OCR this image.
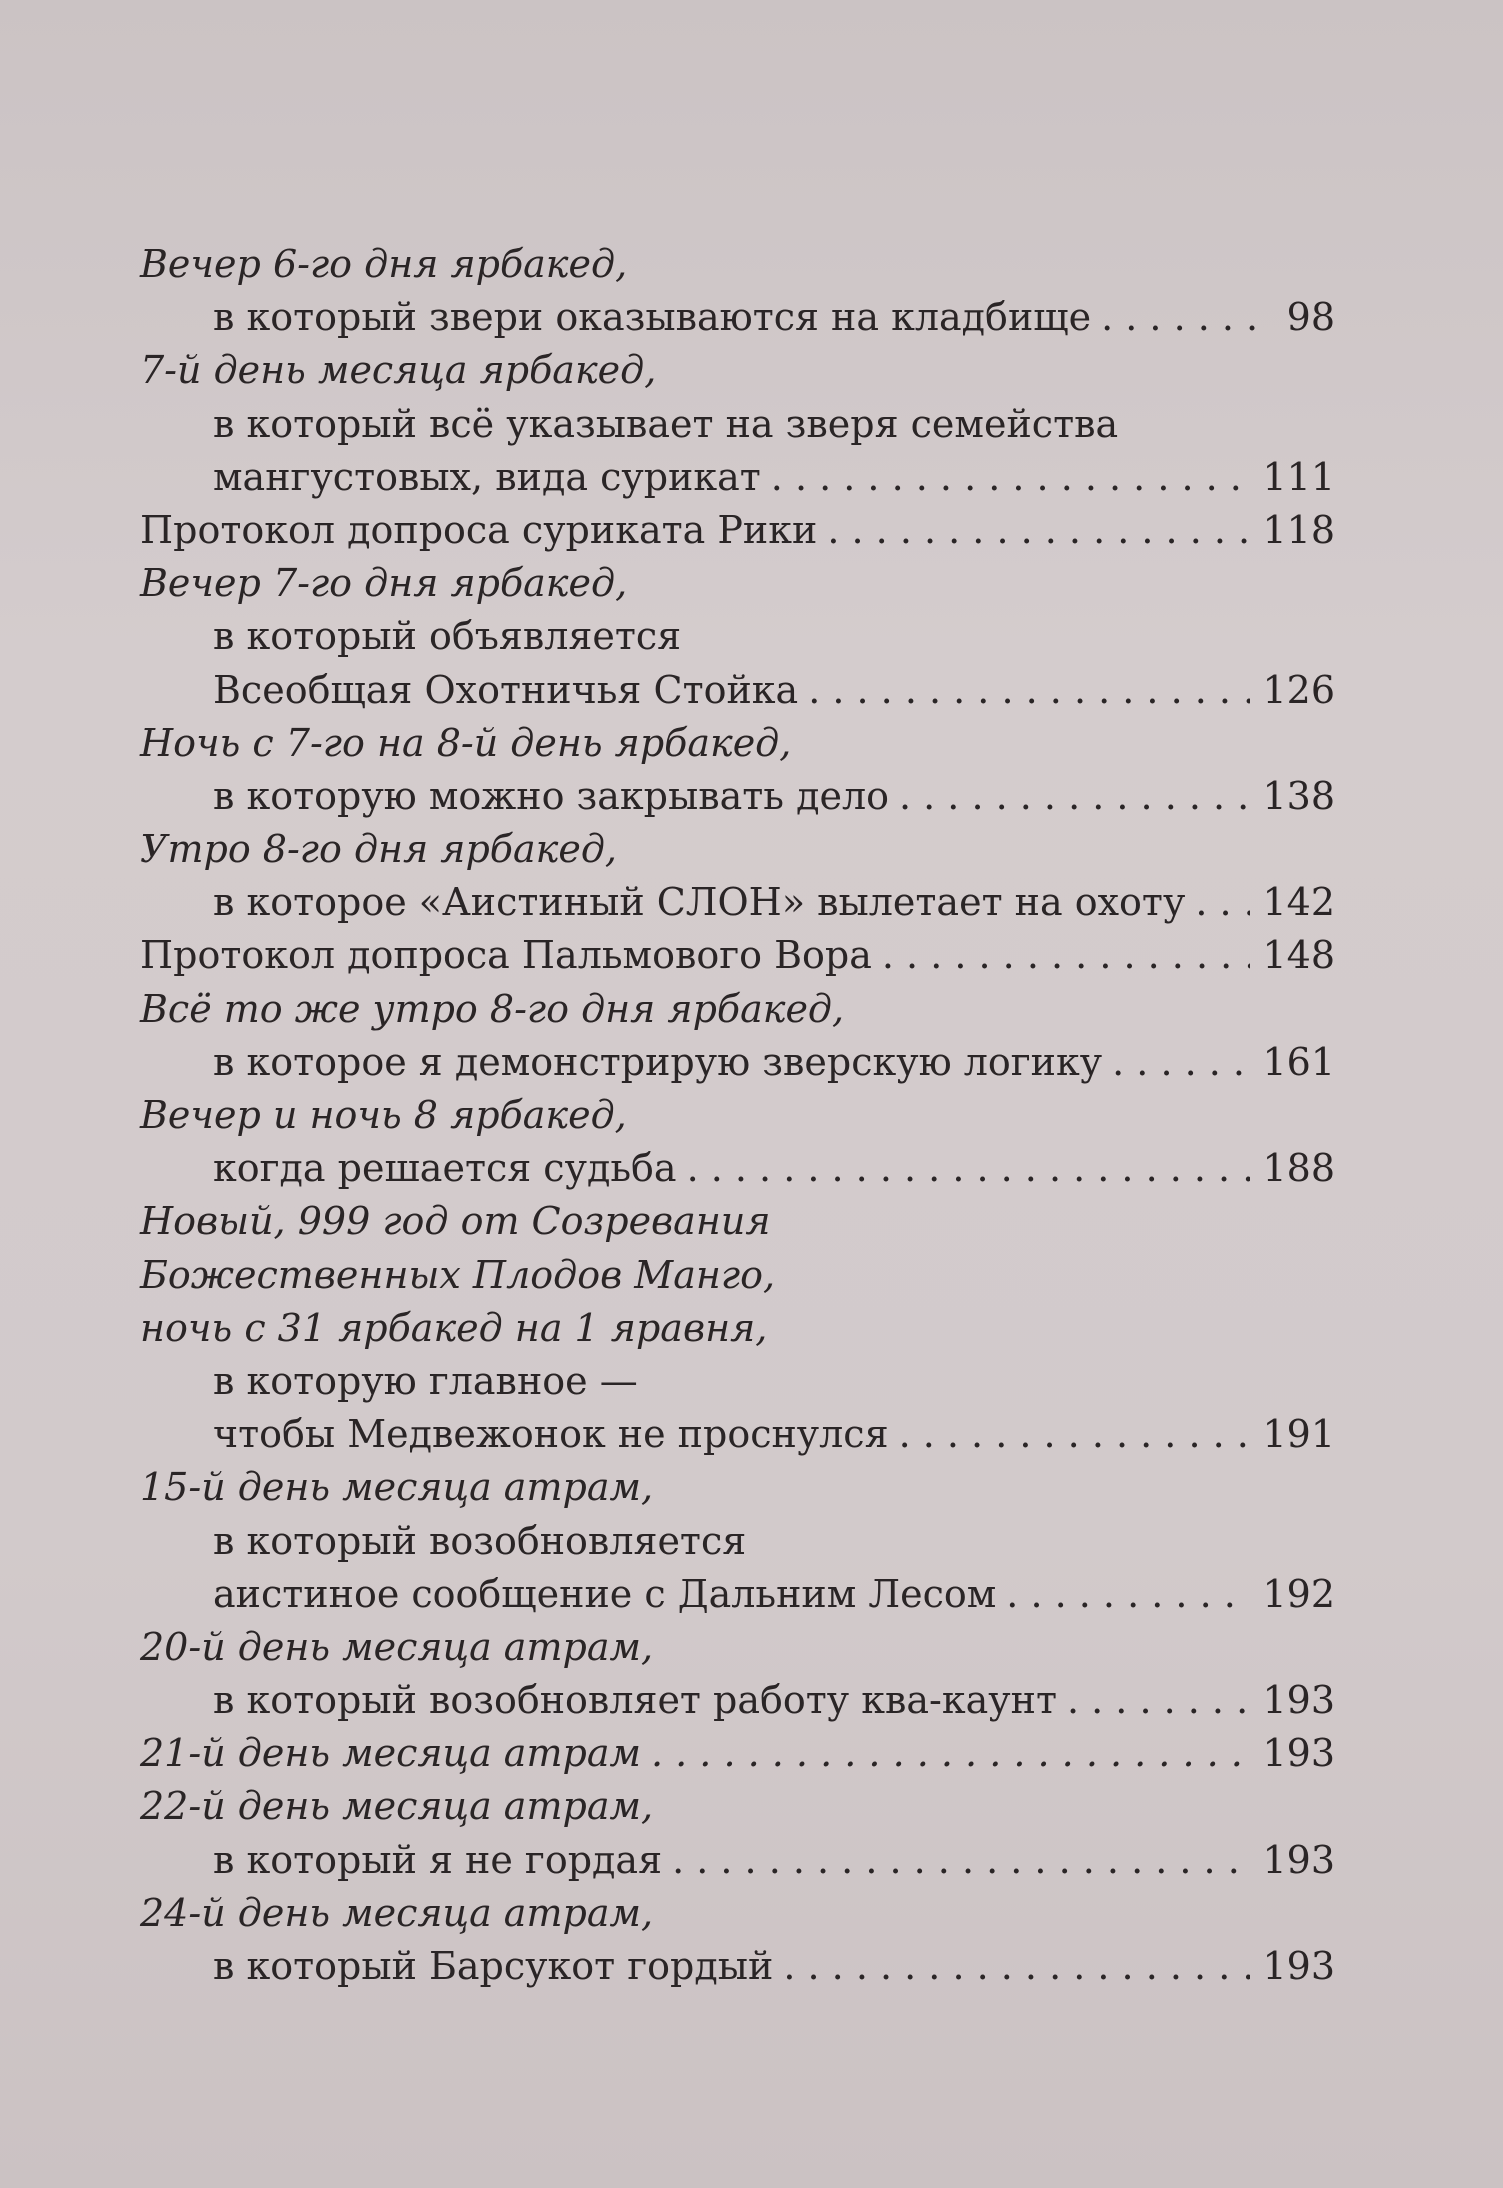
Вечер 6-го дня ярбакед,
в который звери оказываются на кладбище . . .	98
7-й день месяца ярбакед,
в который всё указывает на зверя семейства
мангустовых, вида сурикат . . .	111
Протокол допроса суриката Рики . . .	118
Вечер 7-го дня ярбакед,
в который объявляется
Всеобщая Охотничья Стойка . . .	126
Ночь с 7-го на 8-й день ярбакед,
в которую можно закрывать дело . . .	138
Утро 8-го дня ярбакед,
в которое «Аистиный СЛОН» вылетает на охоту . . . 142
Протокол допроса Пальмового Вора . . .	148
Всё то же утро 8-го дня ярбакед,
в которое я демонстрирую зверскую логику . . .	161
Вечер и ночь 8 ярбакед,
когда решается судьба . . .	188
Новый, 999 год от Созревания
Божественных Плодов Манго,
ночь с 31 ярбакед на 1 яравня,
в которую главное —
чтобы Медвежонок не проснулся . . .	191
15-й день месяца атрам,
в который возобновляется
аистиное сообщение с Дальним Лесом . . .	192
20-й день месяца атрам,
в который возобновляет работу ква-каунт . . .	193
21-й день месяца атрам . . .	193
22-й день месяца атрам,
в который я не гордая . . .	193
24-й день месяца атрам,
в который Барсукот гордый . . .	193
